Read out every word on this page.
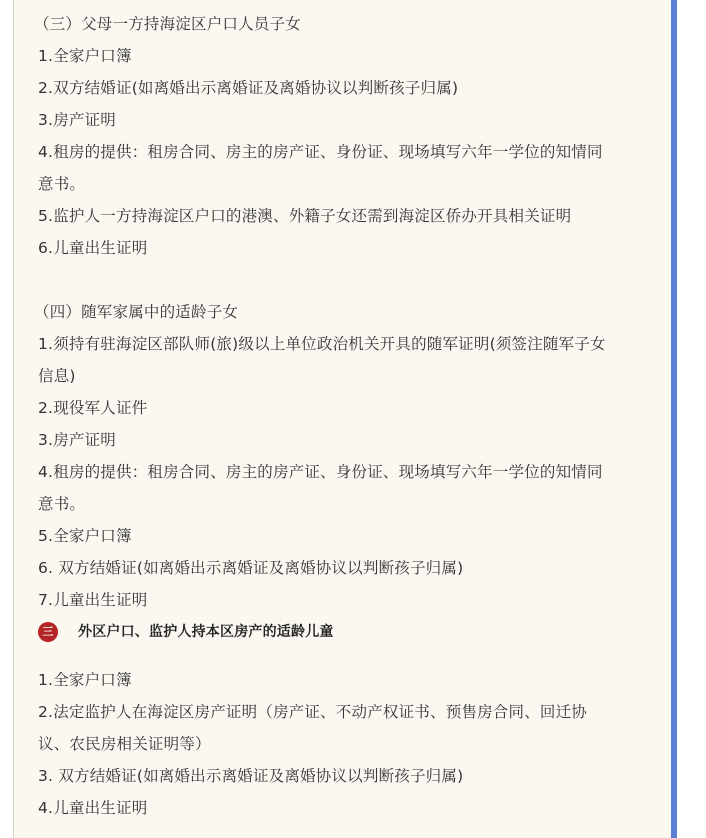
（三）父母一方持海淀区户口人员子女
1.全家户口簿
2.双方结婚证(如离婚出示离婚证及离婚协议以判断孩子归属)
3.房产证明
4.租房的提供：租房合同、房主的房产证、身份证、现场填写六年一学位的知情同
意书。
5.监护人一方持海淀区户口的港澳、外籍子女还需到海淀区侨办开具相关证明
6.儿童出生证明
（四）随军家属中的适龄子女
1.须持有驻海淀区部队师(旅)级以上单位政治机关开具的随军证明(须签注随军子女
信息)
2.现役军人证件
3.房产证明
4.租房的提供：租房合同、房主的房产证、身份证、现场填写六年一学位的知情同
意书。
5.全家户口簿
6. 双方结婚证(如离婚出示离婚证及离婚协议以判断孩子归属)
7.儿童出生证明
三	外区户口、监护人持本区房产的适龄儿童
1.全家户口簿
2.法定监护人在海淀区房产证明（房产证、不动产权证书、预售房合同、回迁协
议、农民房相关证明等）
3. 双方结婚证(如离婚出示离婚证及离婚协议以判断孩子归属)
4.儿童出生证明
